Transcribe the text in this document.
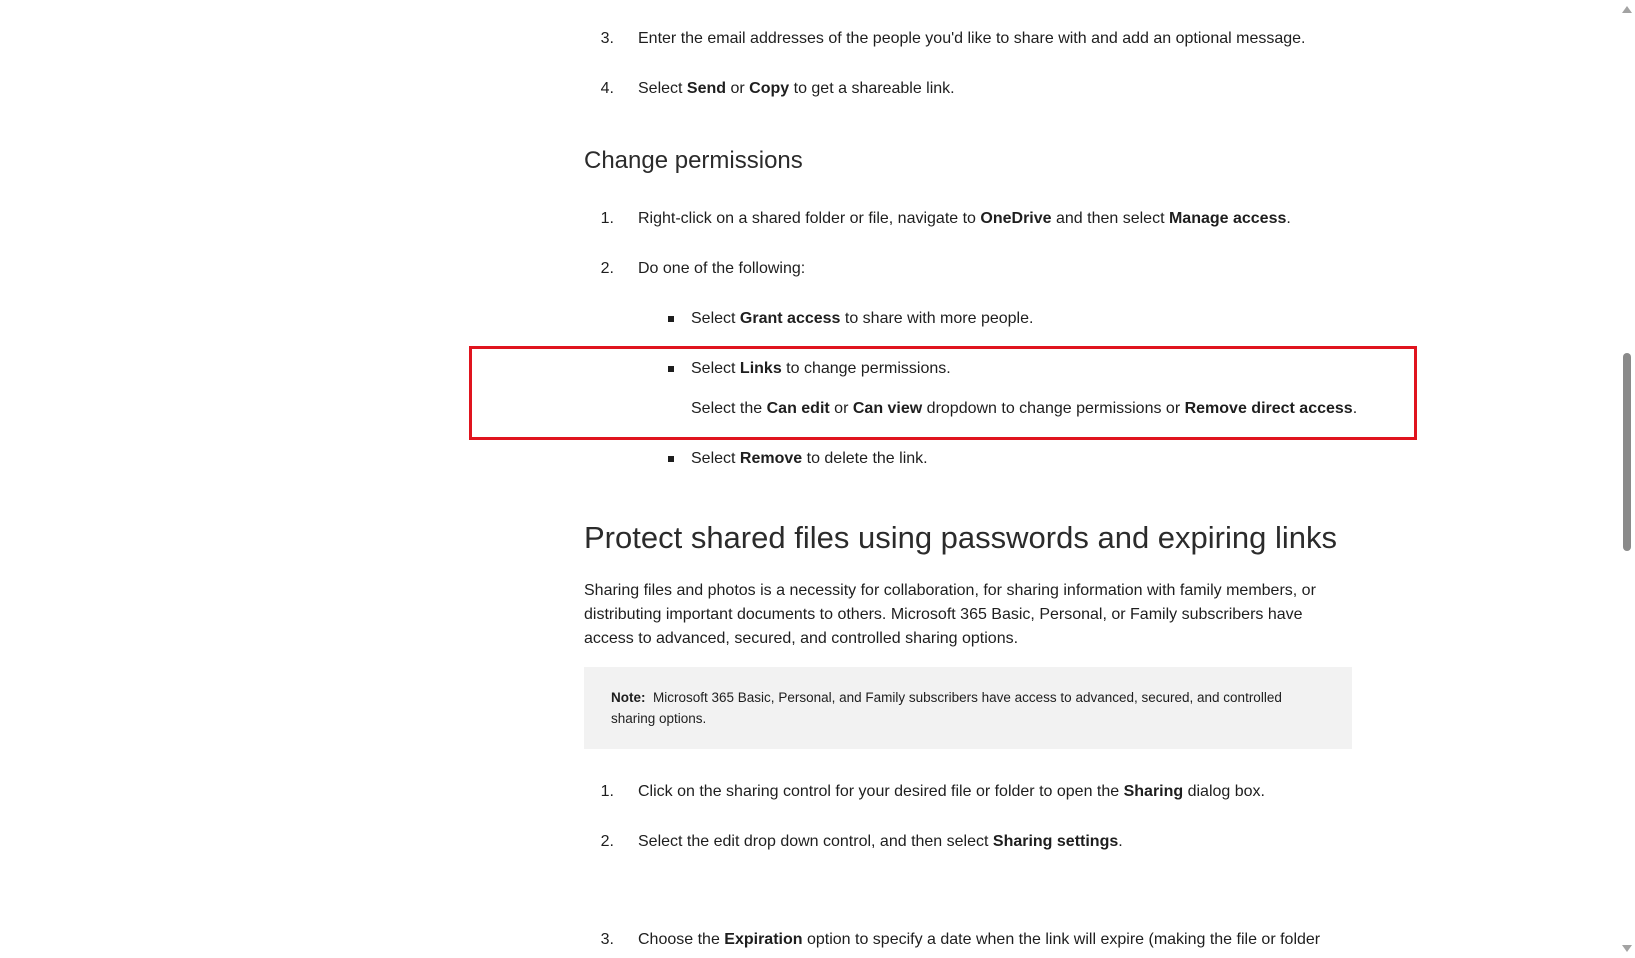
3. Enter the email addresses of the people you'd like to share with and add an optional message.
4. Select Send or Copy to get a shareable link.
Change permissions
1. Right-click on a shared folder or file, navigate to OneDrive and then select Manage access.
2. Do one of the following:
Select Grant access to share with more people.
Select Links to change permissions.
Select the Can edit or Can view dropdown to change permissions or Remove direct access.
Select Remove to delete the link.
Protect shared files using passwords and expiring links
Sharing files and photos is a necessity for collaboration, for sharing information with family members, or distributing important documents to others. Microsoft 365 Basic, Personal, or Family subscribers have access to advanced, secured, and controlled sharing options.
Note: Microsoft 365 Basic, Personal, and Family subscribers have access to advanced, secured, and controlled sharing options.
1. Click on the sharing control for your desired file or folder to open the Sharing dialog box.
2. Select the edit drop down control, and then select Sharing settings.
3. Choose the Expiration option to specify a date when the link will expire (making the file or folder
